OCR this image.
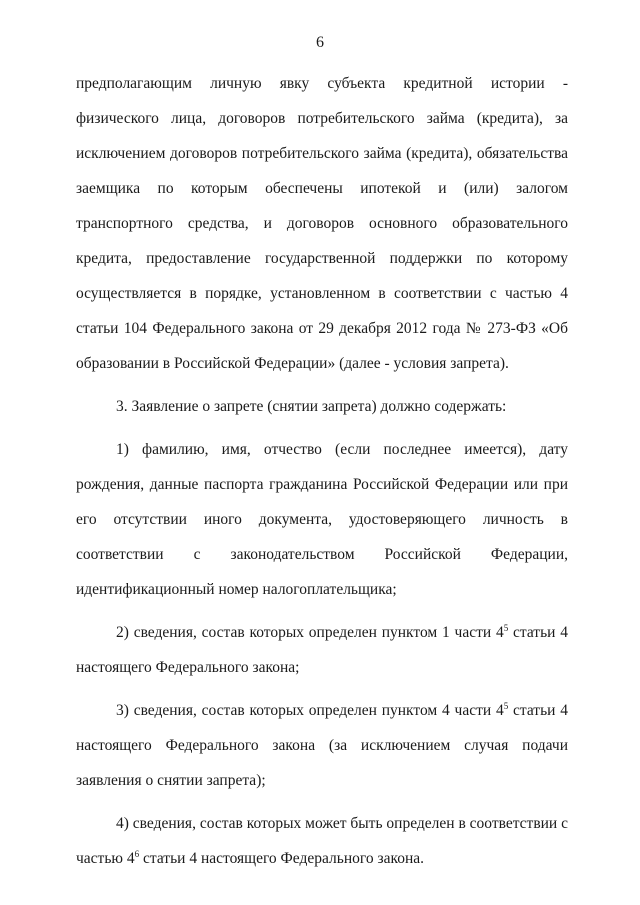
6

предполагающим личную явку субъекта кредитной истории - физического лица, договоров потребительского займа (кредита), за исключением договоров потребительского займа (кредита), обязательства заемщика по которым обеспечены ипотекой и (или) залогом транспортного средства, и договоров основного образовательного кредита, предоставление государственной поддержки по которому осуществляется в порядке, установленном в соответствии с частью 4 статьи 104 Федерального закона от 29 декабря 2012 года № 273-ФЗ «Об образовании в Российской Федерации» (далее - условия запрета).

3. Заявление о запрете (снятии запрета) должно содержать:

1) фамилию, имя, отчество (если последнее имеется), дату рождения, данные паспорта гражданина Российской Федерации или при его отсутствии иного документа, удостоверяющего личность в соответствии с законодательством Российской Федерации, идентификационный номер налогоплательщика;

2) сведения, состав которых определен пунктом 1 части $4^5$ статьи 4 настоящего Федерального закона;

3) сведения, состав которых определен пунктом 4 части $4^5$ статьи 4 настоящего Федерального закона (за исключением случая подачи заявления о снятии запрета);

4) сведения, состав которых может быть определен в соответствии с частью $4^6$ статьи 4 настоящего Федерального закона.
